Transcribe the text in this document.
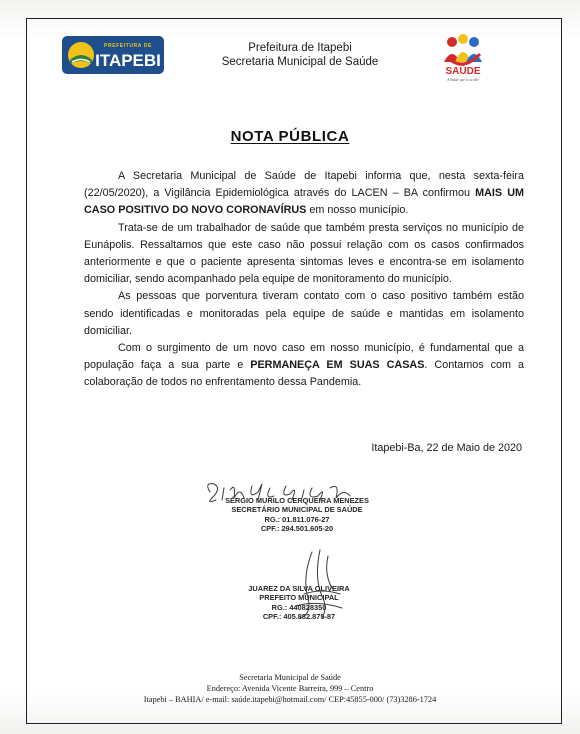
PREFEITURA DE
ITAPEBI
Prefeitura de Itapebi
Secretaria Municipal de Saúde
SAÚDE
A Saúde que te acolhe
NOTA PÚBLICA

A Secretaria Municipal de Saúde de Itapebi informa que, nesta sexta-feira (22/05/2020), a Vigilância Epidemiológica através do LACEN – BA confirmou MAIS UM CASO POSITIVO DO NOVO CORONAVÍRUS em nosso município.

Trata-se de um trabalhador de saúde que também presta serviços no município de Eunápolis. Ressaltamos que este caso não possui relação com os casos confirmados anteriormente e que o paciente apresenta sintomas leves e encontra-se em isolamento domiciliar, sendo acompanhado pela equipe de monitoramento do município.

As pessoas que porventura tiveram contato com o caso positivo também estão sendo identificadas e monitoradas pela equipe de saúde e mantidas em isolamento domiciliar.

Com o surgimento de um novo caso em nosso município, é fundamental que a população faça a sua parte e PERMANEÇA EM SUAS CASAS. Contamos com a colaboração de todos no enfrentamento dessa Pandemia.

Itapebi-Ba, 22 de Maio de 2020
SÉRGIO MURILO CERQUEIRA MENEZES
SECRETÁRIO MUNICIPAL DE SAÚDE
RG.: 01.811.076-27
CPF.: 294.501.605-20
JUAREZ DA SILVA OLIVEIRA
PREFEITO MUNICIPAL
RG.: 440828350
CPF.: 405.882.875-87
Secretaria Municipal de Saúde
Endereço: Avenida Vicente Barreira, 999 – Centro
Itapebi – BAHIA/ e-mail: saúde.itapebi@hotmail.com/ CEP:45855-000/ (73)3286-1724
